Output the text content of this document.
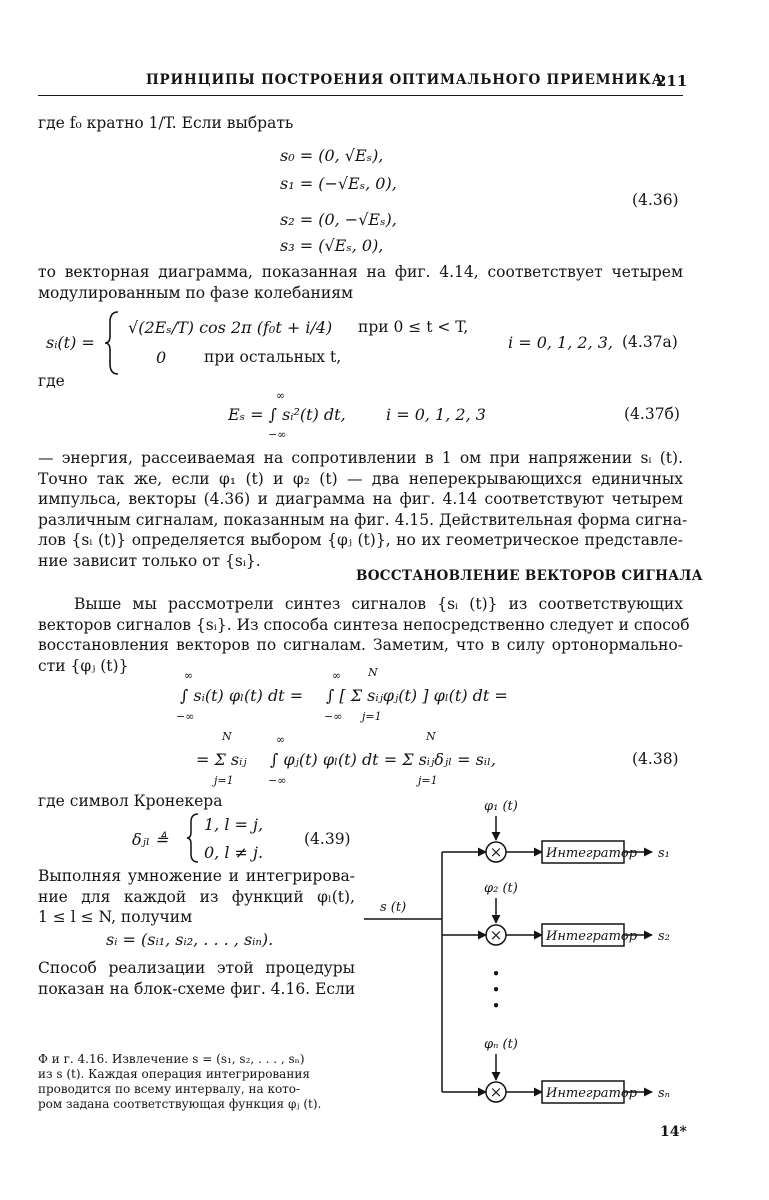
ПРИНЦИПЫ ПОСТРОЕНИЯ ОПТИМАЛЬНОГО ПРИЕМНИКА
211
где f₀ кратно 1/T. Если выбрать
s₀ = (0, √Eₛ),
s₁ = (−√Eₛ, 0),
s₂ = (0, −√Eₛ),
s₃ = (√Eₛ, 0),
(4.36)
то векторная диаграмма, показанная на фиг. 4.14, соответствует четырем
модулированным по фазе колебаниям
sᵢ(t) =
√(2Eₛ/T) cos 2π (f₀t + i/4) при 0 ≤ t < T,
0 при остальных t,
i = 0, 1, 2, 3, (4.37а)
где
∞
Eₛ = ∫ sᵢ²(t) dt,
−∞
i = 0, 1, 2, 3	(4.37б)
— энергия, рассеиваемая на сопротивлении в 1 ом при напряжении sᵢ (t).
Точно так же, если φ₁ (t) и φ₂ (t) — два неперекрывающихся единичных
импульса, векторы (4.36) и диаграмма на фиг. 4.14 соответствуют четырем
различным сигналам, показанным на фиг. 4.15. Действительная форма сигна-
лов {sᵢ (t)} определяется выбором {φⱼ (t)}, но их геометрическое представле-
ние зависит только от {sᵢ}.
ВОССТАНОВЛЕНИЕ ВЕКТОРОВ СИГНАЛА
Выше мы рассмотрели синтез сигналов {sᵢ (t)} из соответствующих
векторов сигналов {sᵢ}. Из способа синтеза непосредственно следует и способ
восстановления векторов по сигналам. Заметим, что в силу ортонормально-
сти {φⱼ (t)}
∞	∞ N
∫ sᵢ(t) φₗ(t) dt = ∫ [ Σ sᵢⱼφⱼ(t) ] φₗ(t) dt =
−∞	−∞ j=1
N	∞	N
= Σ sᵢⱼ ∫ φⱼ(t) φₗ(t) dt = Σ sᵢⱼδⱼₗ = sᵢₗ,
j=1	−∞	j=1
(4.38)
где символ Кронекера
δⱼₗ ≜
1, l = j,
0, l ≠ j.
(4.39)
Выполняя умножение и интегрирова-
ние для каждой из функций φₗ(t),
1 ≤ l ≤ N, получим
sᵢ = (sᵢ₁, sᵢ₂, . . . , sᵢₙ).
Способ реализации этой процедуры
показан на блок-схеме фиг. 4.16. Если
Ф и г. 4.16. Извлечение s = (s₁, s₂, . . . , sₙ)
из s (t). Каждая операция интегрирования
проводится по всему интервалу, на кото-
ром задана соответствующая функция φⱼ (t).
s (t)
φ₁ (t)
φ₂ (t)
φₙ (t)
Интегратор
Интегратор
Интегратор
s₁
s₂
sₙ
×
×
×
•
•
•
14*
